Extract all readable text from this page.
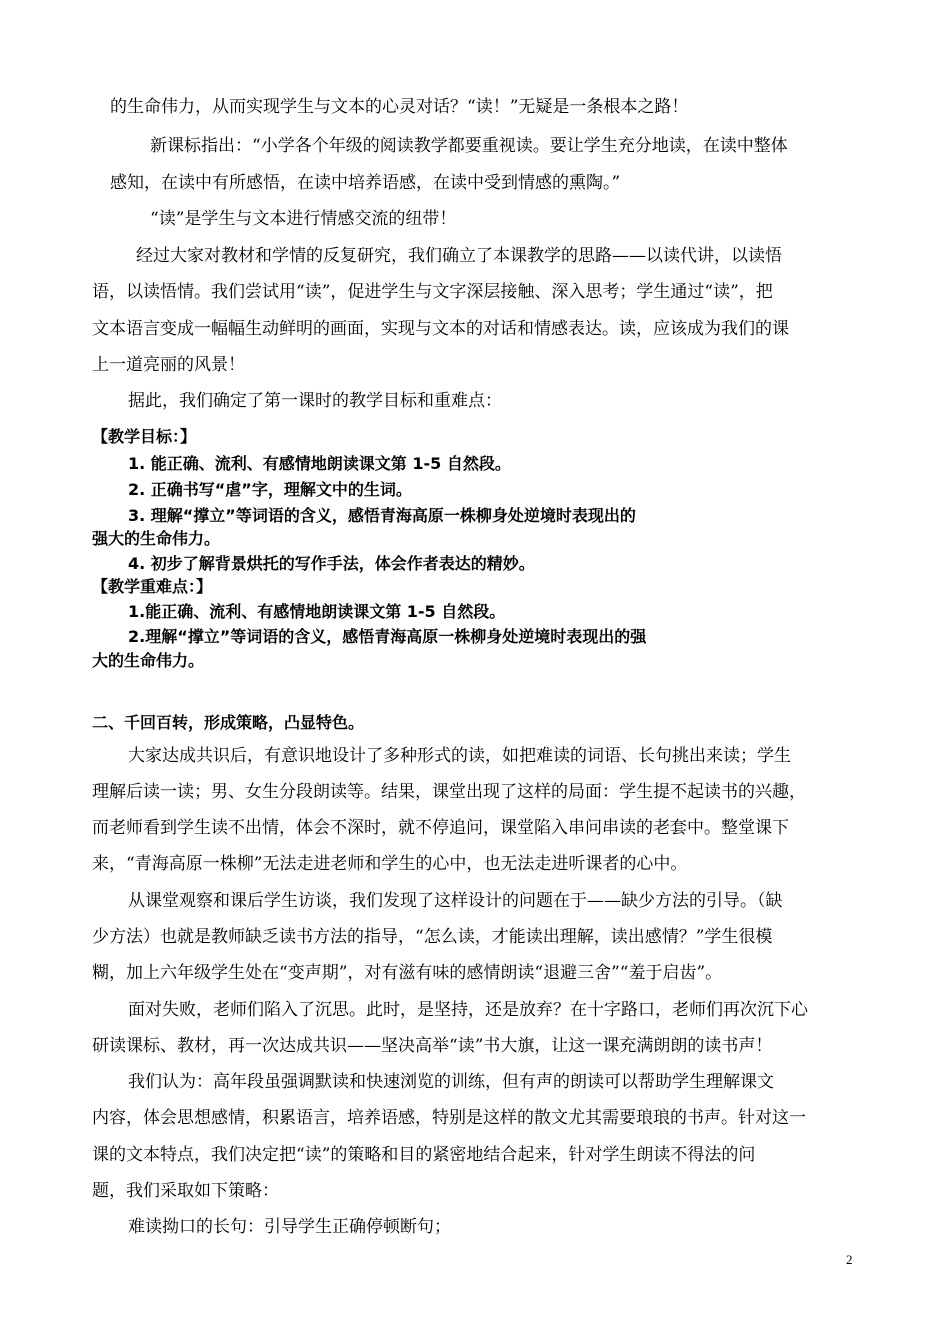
的生命伟力，从而实现学生与文本的心灵对话？“读！”无疑是一条根本之路！
新课标指出：“小学各个年级的阅读教学都要重视读。要让学生充分地读，在读中整体
感知，在读中有所感悟，在读中培养语感，在读中受到情感的熏陶。”
“读”是学生与文本进行情感交流的纽带！
经过大家对教材和学情的反复研究，我们确立了本课教学的思路——以读代讲，以读悟
语，以读悟情。我们尝试用“读”，促进学生与文字深层接触、深入思考；学生通过“读”，把
文本语言变成一幅幅生动鲜明的画面，实现与文本的对话和情感表达。读，应该成为我们的课
上一道亮丽的风景！
据此，我们确定了第一课时的教学目标和重难点：
【教学目标：】
1. 能正确、流利、有感情地朗读课文第 1-5 自然段。
2. 正确书写“虐”字，理解文中的生词。
3. 理解“撑立”等词语的含义，感悟青海高原一株柳身处逆境时表现出的
强大的生命伟力。
4. 初步了解背景烘托的写作手法，体会作者表达的精妙。
【教学重难点：】
1.能正确、流利、有感情地朗读课文第 1-5 自然段。
2.理解“撑立”等词语的含义，感悟青海高原一株柳身处逆境时表现出的强
大的生命伟力。
二、千回百转，形成策略，凸显特色。
大家达成共识后，有意识地设计了多种形式的读，如把难读的词语、长句挑出来读；学生
理解后读一读；男、女生分段朗读等。结果，课堂出现了这样的局面：学生提不起读书的兴趣，
而老师看到学生读不出情，体会不深时，就不停追问，课堂陷入串问串读的老套中。整堂课下
来，“青海高原一株柳”无法走进老师和学生的心中，也无法走进听课者的心中。
从课堂观察和课后学生访谈，我们发现了这样设计的问题在于——缺少方法的引导。（缺
少方法）也就是教师缺乏读书方法的指导，“怎么读，才能读出理解，读出感情？”学生很模
糊，加上六年级学生处在“变声期”，对有滋有味的感情朗读“退避三舍”“羞于启齿”。
面对失败，老师们陷入了沉思。此时，是坚持，还是放弃？在十字路口，老师们再次沉下心
研读课标、教材，再一次达成共识——坚决高举“读”书大旗，让这一课充满朗朗的读书声！
我们认为：高年段虽强调默读和快速浏览的训练，但有声的朗读可以帮助学生理解课文
内容，体会思想感情，积累语言，培养语感，特别是这样的散文尤其需要琅琅的书声。针对这一
课的文本特点，我们决定把“读”的策略和目的紧密地结合起来，针对学生朗读不得法的问
题，我们采取如下策略：
难读拗口的长句：引导学生正确停顿断句；
2
